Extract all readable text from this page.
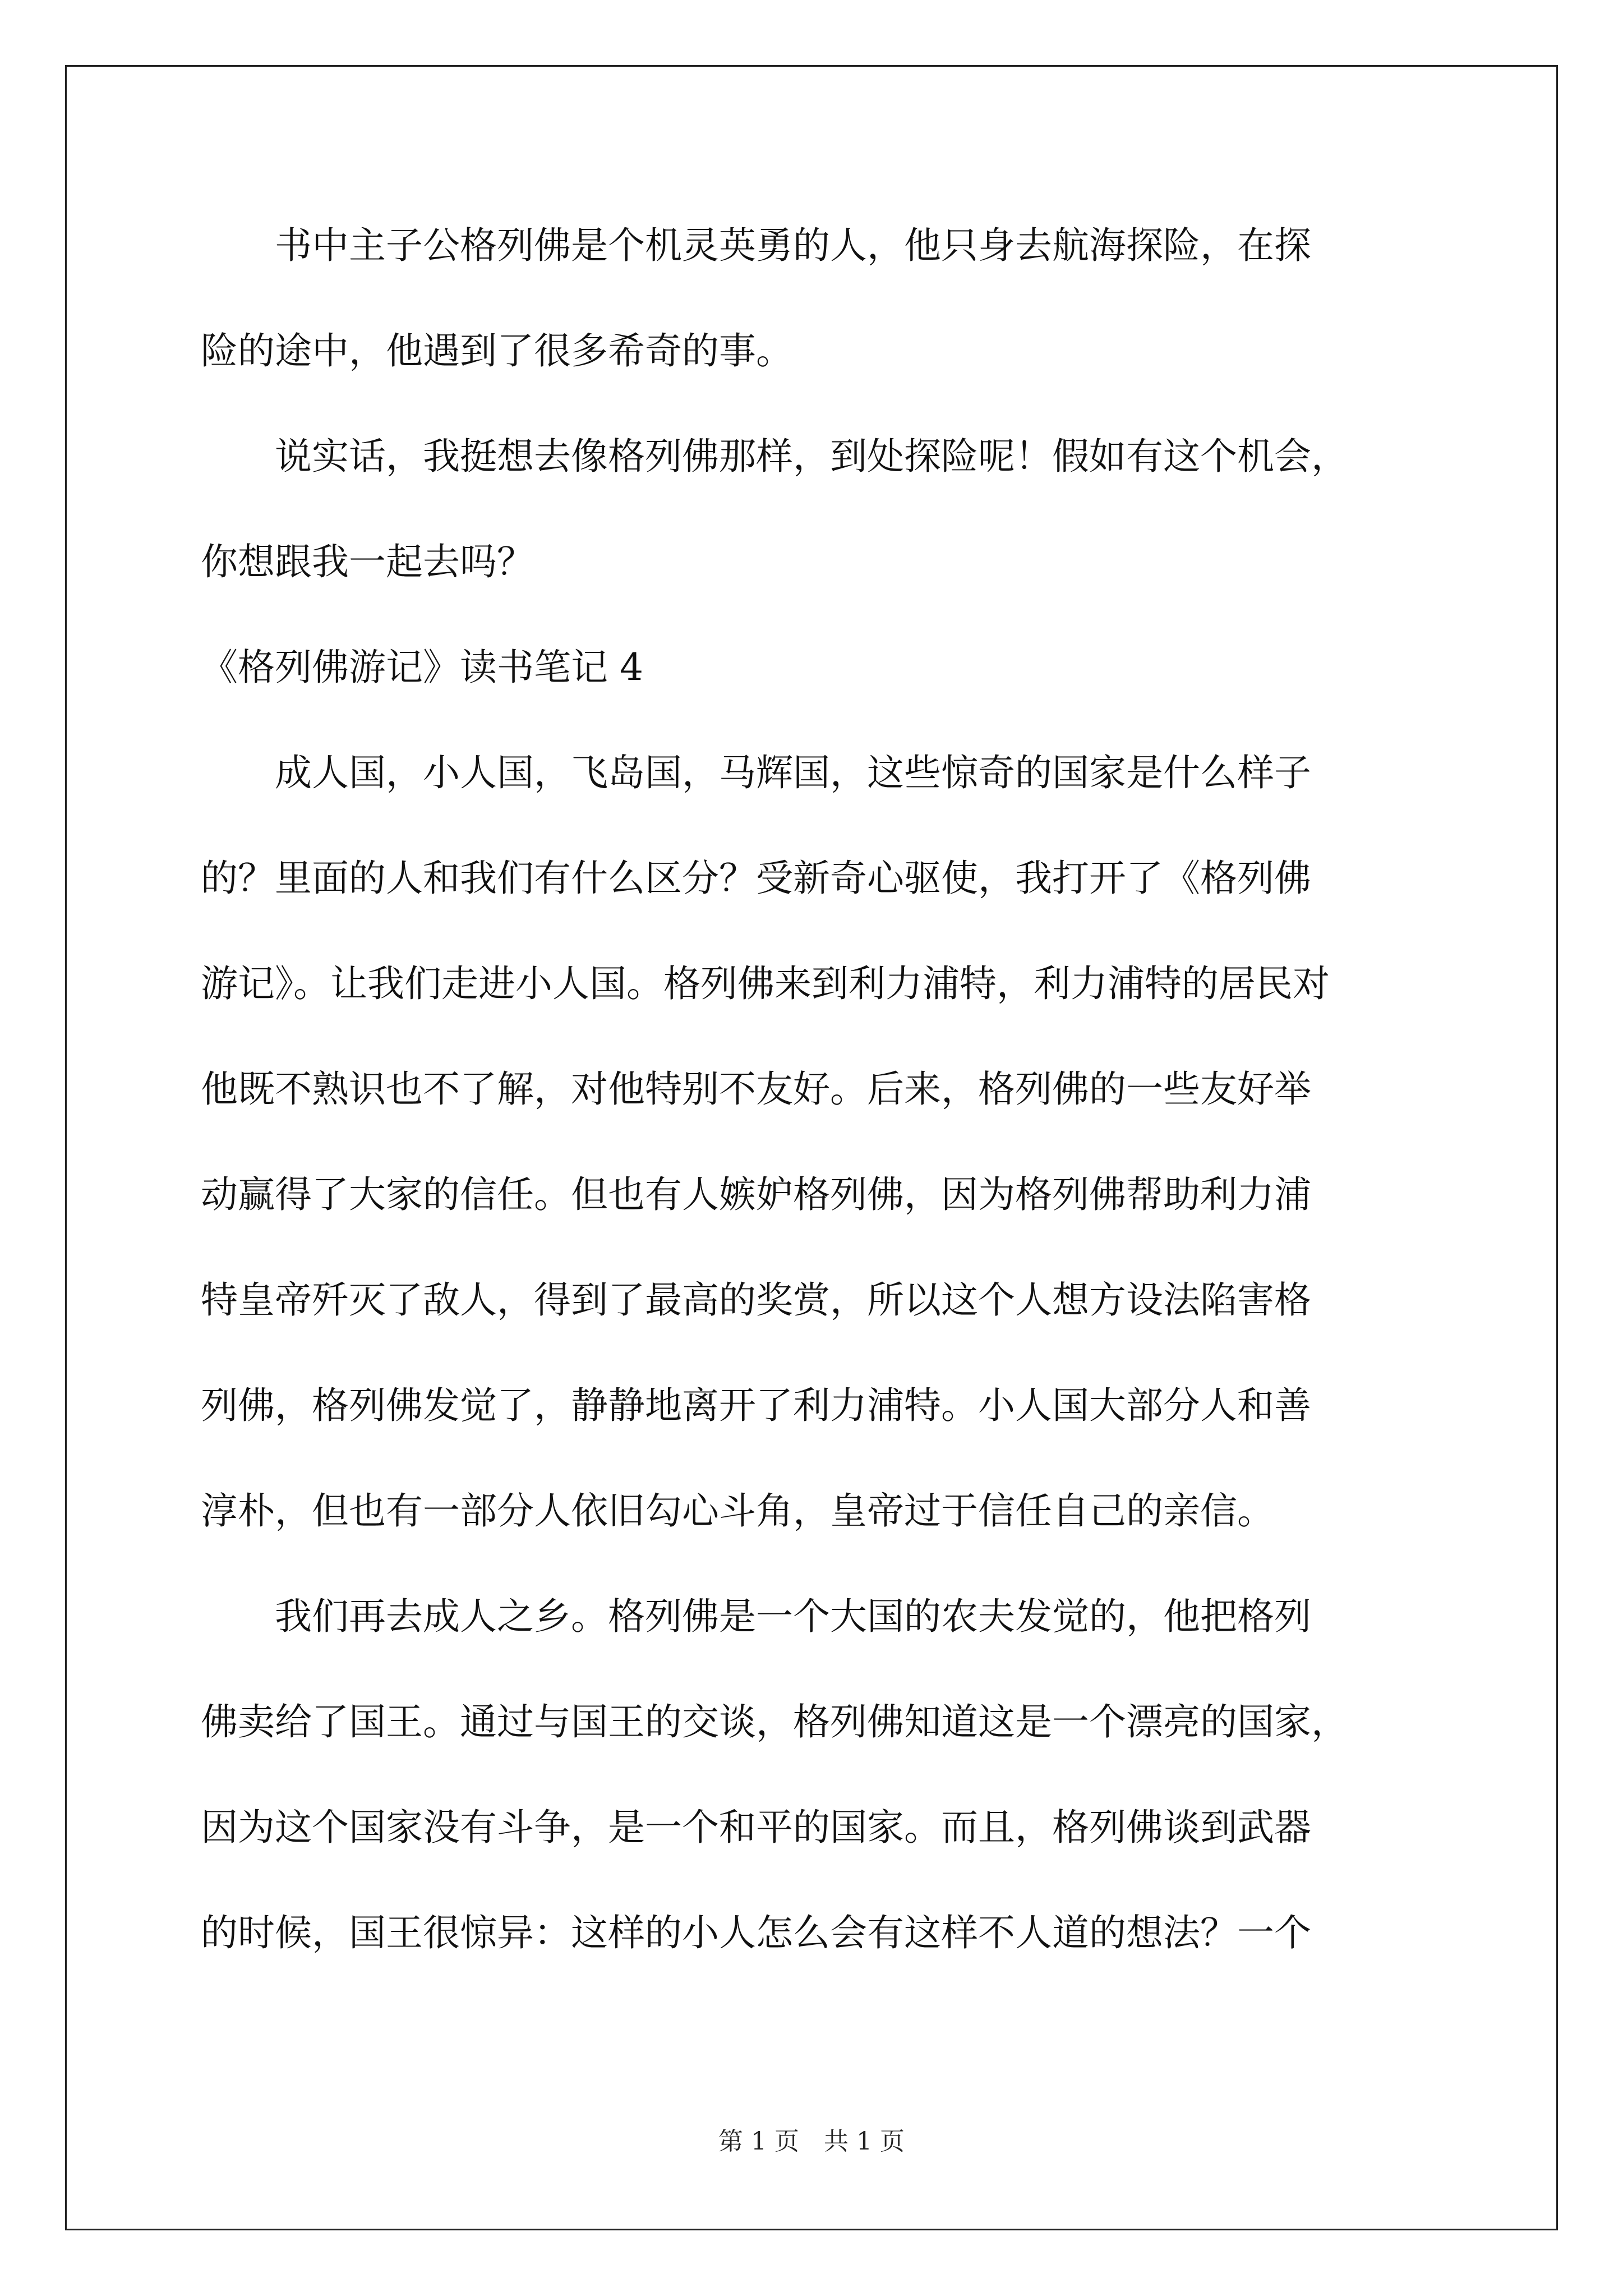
　　书中主子公格列佛是个机灵英勇的人，他只身去航海探险，在探
险的途中，他遇到了很多希奇的事。
　　说实话，我挺想去像格列佛那样，到处探险呢！假如有这个机会，
你想跟我一起去吗？
《格列佛游记》读书笔记 4
　　成人国，小人国，飞岛国，马辉国，这些惊奇的国家是什么样子
的？里面的人和我们有什么区分？受新奇心驱使，我打开了《格列佛
游记》。让我们走进小人国。格列佛来到利力浦特，利力浦特的居民对
他既不熟识也不了解，对他特别不友好。后来，格列佛的一些友好举
动赢得了大家的信任。但也有人嫉妒格列佛，因为格列佛帮助利力浦
特皇帝歼灭了敌人，得到了最高的奖赏，所以这个人想方设法陷害格
列佛，格列佛发觉了，静静地离开了利力浦特。小人国大部分人和善
淳朴，但也有一部分人依旧勾心斗角，皇帝过于信任自己的亲信。
　　我们再去成人之乡。格列佛是一个大国的农夫发觉的，他把格列
佛卖给了国王。通过与国王的交谈，格列佛知道这是一个漂亮的国家，
因为这个国家没有斗争，是一个和平的国家。而且，格列佛谈到武器
的时候，国王很惊异：这样的小人怎么会有这样不人道的想法？一个
第 1 页　共 1 页
